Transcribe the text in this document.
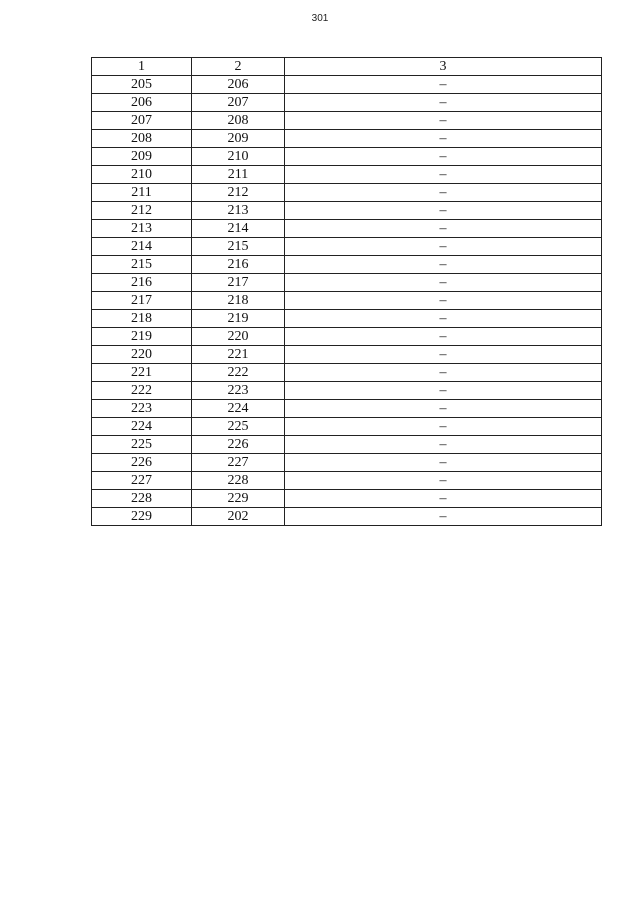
301
1	2	3
205	206	–
206	207	–
207	208	–
208	209	–
209	210	–
210	211	–
211	212	–
212	213	–
213	214	–
214	215	–
215	216	–
216	217	–
217	218	–
218	219	–
219	220	–
220	221	–
221	222	–
222	223	–
223	224	–
224	225	–
225	226	–
226	227	–
227	228	–
228	229	–
229	202	–
